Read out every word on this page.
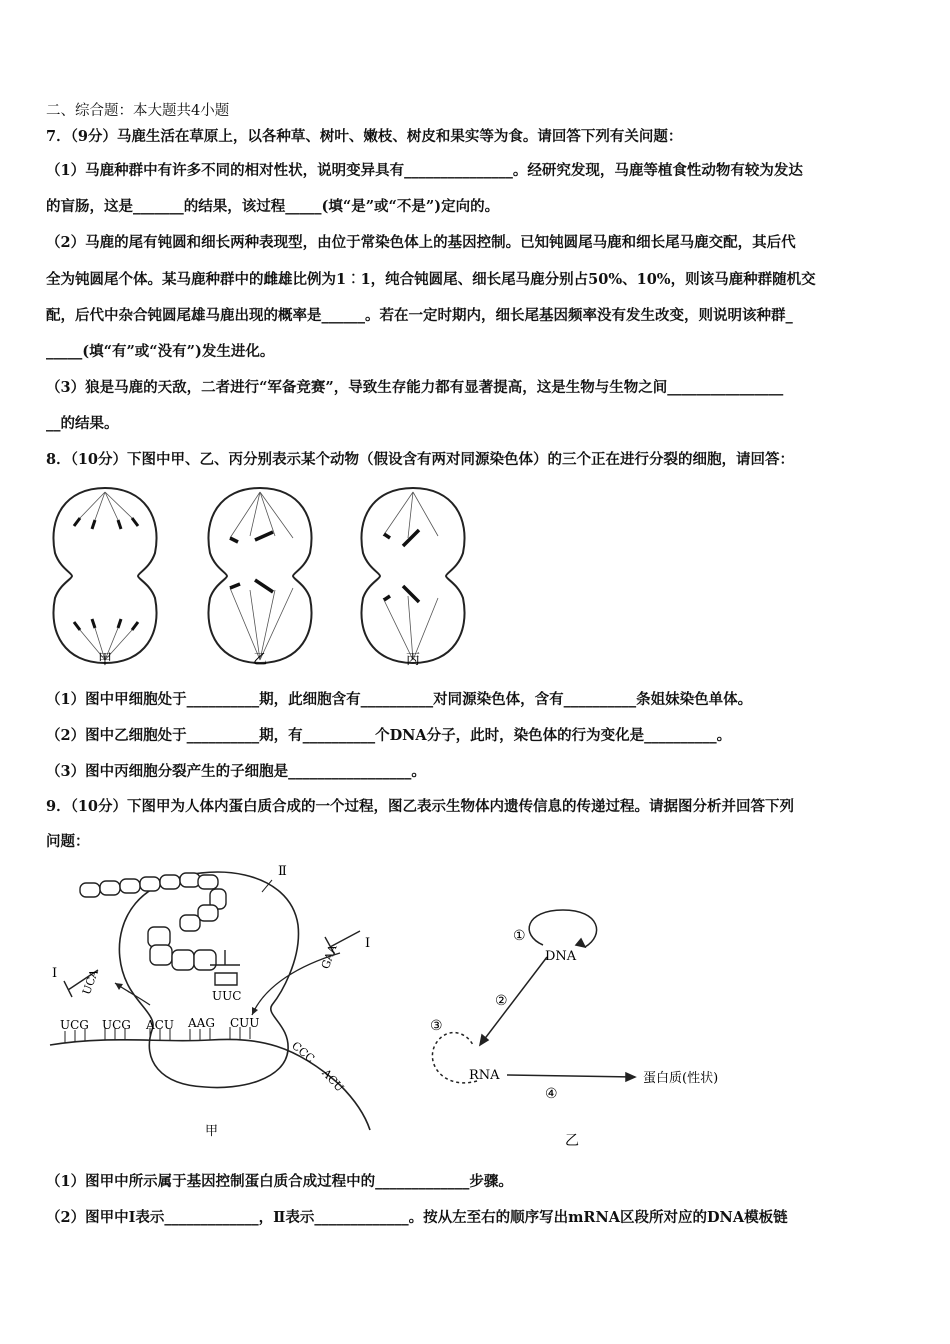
二、综合题：本大题共4小题
7．（9分）马鹿生活在草原上，以各种草、树叶、嫩枝、树皮和果实等为食。请回答下列有关问题：
（1）马鹿种群中有许多不同的相对性状，说明变异具有_______________。经研究发现，马鹿等植食性动物有较为发达
的盲肠，这是_______的结果，该过程_____(填“是”或“不是”)定向的。
（2）马鹿的尾有钝圆和细长两种表现型，由位于常染色体上的基因控制。已知钝圆尾马鹿和细长尾马鹿交配，其后代
全为钝圆尾个体。某马鹿种群中的雌雄比例为1︰1，纯合钝圆尾、细长尾马鹿分别占50%、10%，则该马鹿种群随机交
配，后代中杂合钝圆尾雄马鹿出现的概率是______。若在一定时期内，细长尾基因频率没有发生改变，则说明该种群_
_____(填“有”或“没有”)发生进化。
（3）狼是马鹿的天敌，二者进行“军备竞赛”，导致生存能力都有显著提高，这是生物与生物之间________________
__的结果。
8．（10分）下图中甲、乙、丙分别表示某个动物（假设含有两对同源染色体）的三个正在进行分裂的细胞，请回答：
甲	乙	丙
（1）图中甲细胞处于__________期，此细胞含有__________对同源染色体，含有__________条姐妹染色单体。
（2）图中乙细胞处于__________期，有__________个DNA分子，此时，染色体的行为变化是__________。
（3）图中丙细胞分裂产生的子细胞是_________________。
9．（10分）下图甲为人体内蛋白质合成的一个过程，图乙表示生物体内遗传信息的传递过程。请据图分析并回答下列
问题：
UUC
GAA Ⅰ
UCA
Ⅰ
Ⅱ
UCG UCG ACU AAG CUU
CCC
ACU
甲
①
DNA
②
③
RNA
④
蛋白质(性状)
乙
（1）图甲中所示属于基因控制蛋白质合成过程中的_____________步骤。
（2）图甲中Ⅰ表示_____________，Ⅱ表示_____________。按从左至右的顺序写出mRNA区段所对应的DNA模板链
